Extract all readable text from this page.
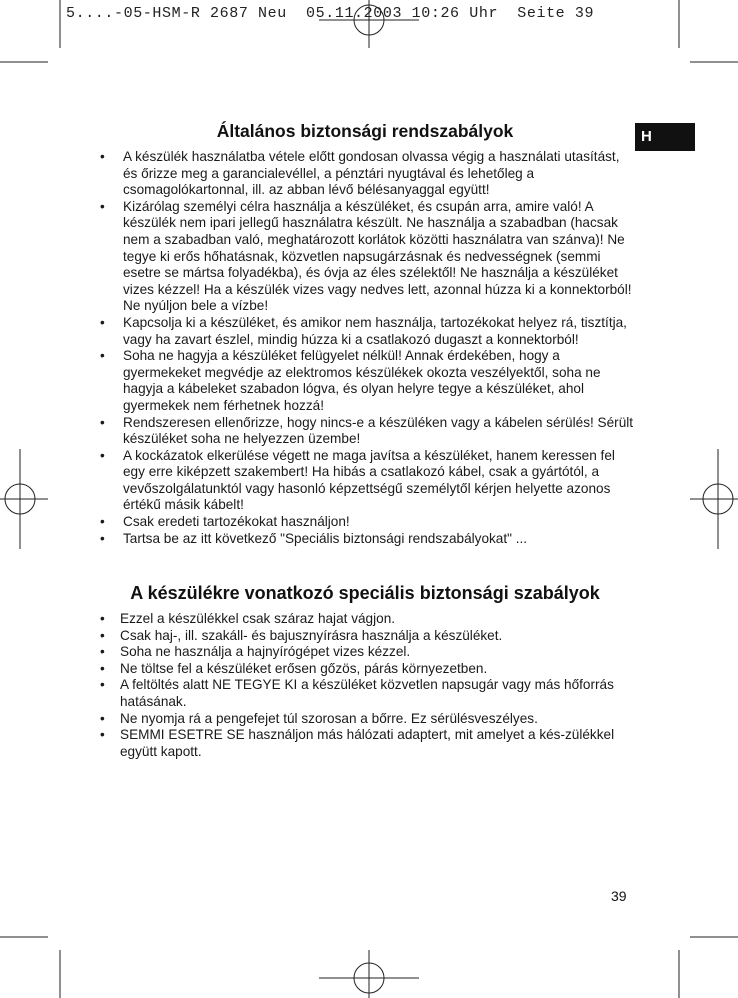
5....-05-HSM-R 2687 Neu  05.11.2003 10:26 Uhr  Seite 39
H
Általános biztonsági rendszabályok
•	A készülék használatba vétele előtt gondosan olvassa végig a használati utasítást, és őrizze meg a garancialevéllel, a pénztári nyugtával és lehetőleg a csomagolókartonnal, ill. az abban lévő bélésanyaggal együtt!
•	Kizárólag személyi célra használja a készüléket, és csupán arra, amire való! A készülék nem ipari jellegű használatra készült. Ne használja a szabadban (hacsak nem a szabadban való, meghatározott korlátok közötti használatra van szánva)! Ne tegye ki erős hőhatásnak, közvetlen napsugárzásnak és nedvességnek (semmi esetre se mártsa folyadékba), és óvja az éles szélektől! Ne használja a készüléket vizes kézzel! Ha a készülék vizes vagy nedves lett, azonnal húzza ki a konnektorból! Ne nyúljon bele a vízbe!
•	Kapcsolja ki a készüléket, és amikor nem használja, tartozékokat helyez rá, tisztítja, vagy ha zavart észlel, mindig húzza ki a csatlakozó dugaszt a konnektorból!
•	Soha ne hagyja a készüléket felügyelet nélkül! Annak érdekében, hogy a gyermekeket megvédje az elektromos készülékek okozta veszélyektől, soha ne hagyja a kábeleket szabadon lógva, és olyan helyre tegye a készüléket, ahol gyermekek nem férhetnek hozzá!
•	Rendszeresen ellenőrizze, hogy nincs-e a készüléken vagy a kábelen sérülés! Sérült készüléket soha ne helyezzen üzembe!
•	A kockázatok elkerülése végett ne maga javítsa a készüléket, hanem keressen fel egy erre kiképzett szakembert! Ha hibás a csatlakozó kábel, csak a gyártótól, a vevőszolgálatunktól vagy hasonló képzettségű személytől kérjen helyette azonos értékű másik kábelt!
•	Csak eredeti tartozékokat használjon!
•	Tartsa be az itt következő "Speciális biztonsági rendszabályokat" ...
A készülékre vonatkozó speciális biztonsági szabályok
•	Ezzel a készülékkel csak száraz hajat vágjon.
•	Csak haj-, ill. szakáll- és bajusznyírásra használja a készüléket.
•	Soha ne használja a hajnyírógépet vizes kézzel.
•	Ne töltse fel a készüléket erősen gőzös, párás környezetben.
•	A feltöltés alatt NE TEGYE KI a készüléket közvetlen napsugár vagy más hőforrás hatásának.
•	Ne nyomja rá a pengefejet túl szorosan a bőrre. Ez sérülésveszélyes.
•	SEMMI ESETRE SE használjon más hálózati adaptert, mit amelyet a kés-zülékkel együtt kapott.
39
